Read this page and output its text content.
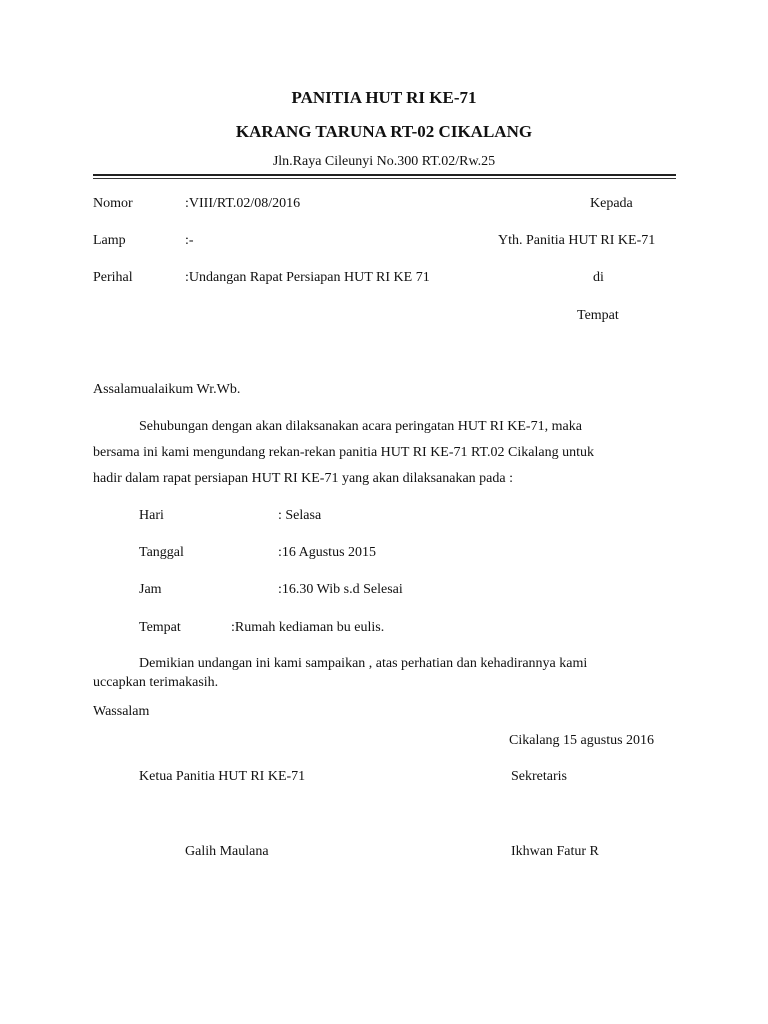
PANITIA HUT RI KE-71
KARANG TARUNA RT-02 CIKALANG
Jln.Raya Cileunyi No.300 RT.02/Rw.25
Nomor	:VIII/RT.02/08/2016
Lamp	:-
Perihal	:Undangan Rapat Persiapan HUT RI KE 71
Kepada
Yth. Panitia HUT RI KE-71
di
Tempat
Assalamualaikum Wr.Wb.
Sehubungan dengan akan dilaksanakan acara peringatan HUT RI KE-71, maka
bersama ini kami mengundang rekan-rekan panitia HUT RI KE-71 RT.02 Cikalang untuk
hadir dalam rapat persiapan HUT RI KE-71 yang akan dilaksanakan pada :
Hari	: Selasa
Tanggal	:16 Agustus 2015
Jam	:16.30 Wib s.d Selesai
Tempat	:Rumah kediaman bu eulis.
Demikian undangan ini kami sampaikan , atas perhatian dan kehadirannya kami
uccapkan terimakasih.
Wassalam
Cikalang 15 agustus 2016
Ketua Panitia HUT RI KE-71	Sekretaris
Galih Maulana	Ikhwan Fatur R
